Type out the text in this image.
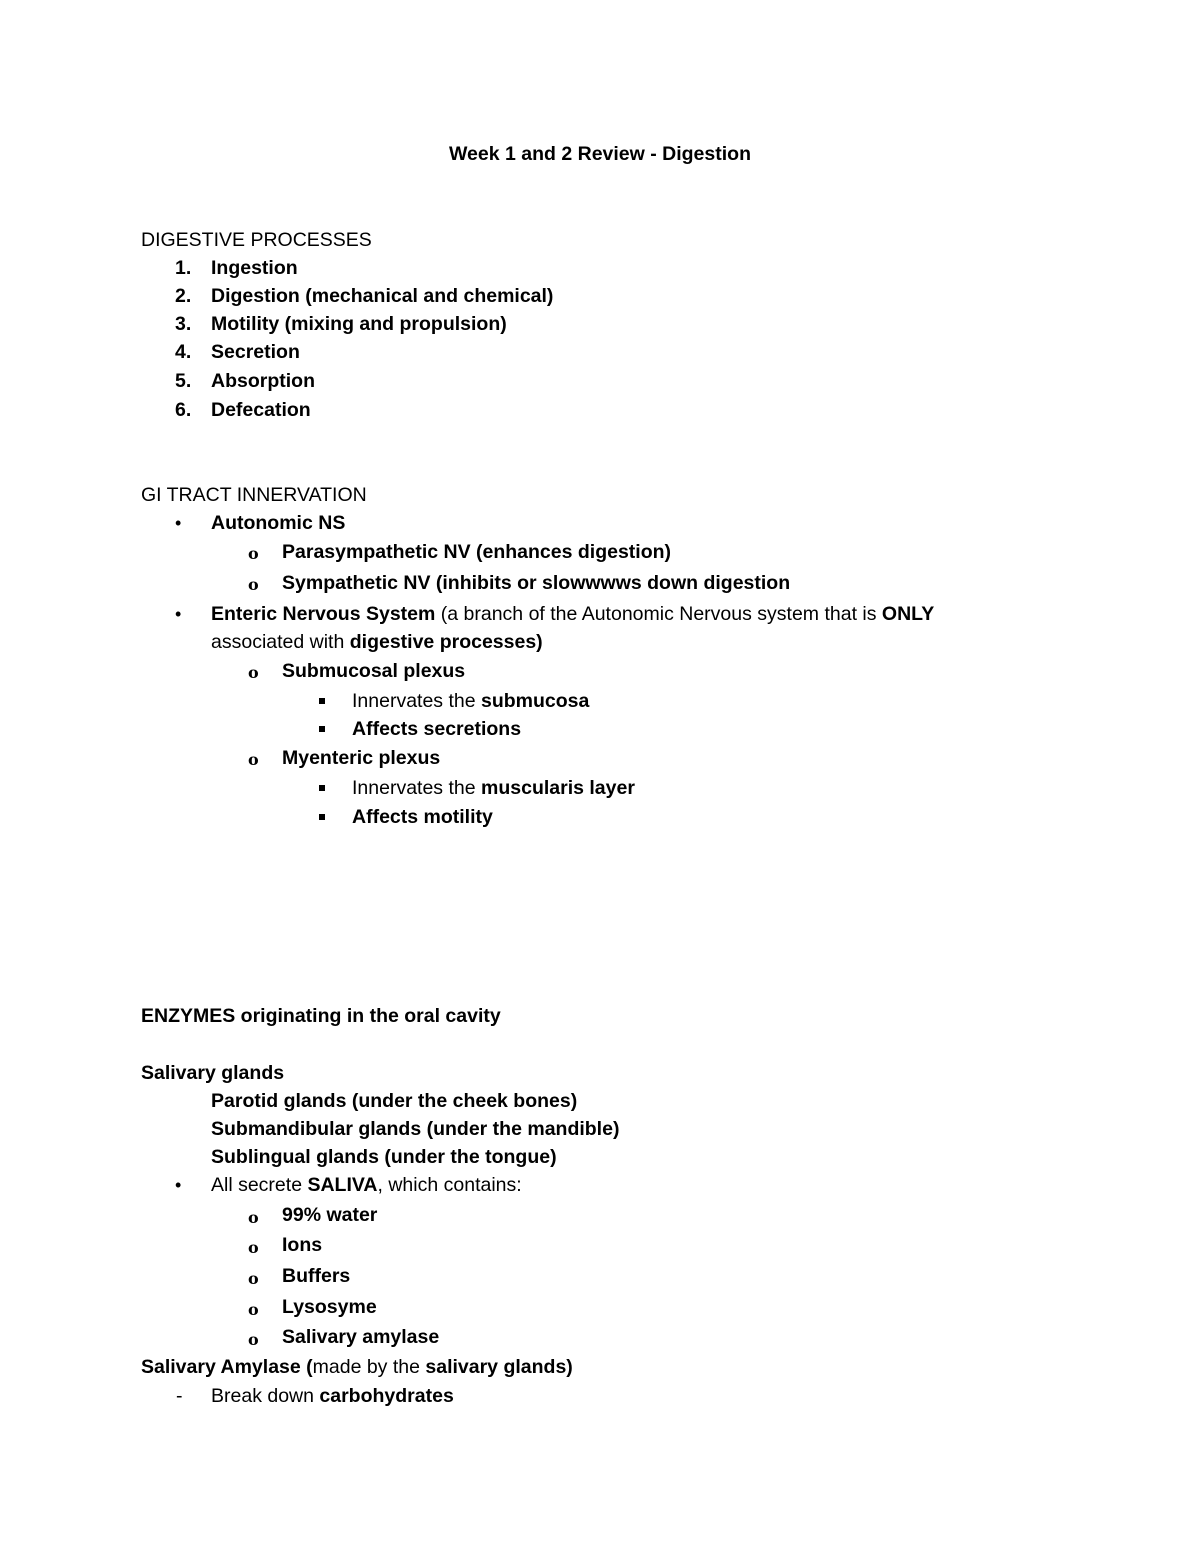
Week 1 and 2 Review - Digestion
DIGESTIVE PROCESSES
1. Ingestion
2. Digestion (mechanical and chemical)
3. Motility (mixing and propulsion)
4. Secretion
5. Absorption
6. Defecation
GI TRACT INNERVATION
• Autonomic NS
o Parasympathetic NV (enhances digestion)
o Sympathetic NV (inhibits or slowwwws down digestion
• Enteric Nervous System (a branch of the Autonomic Nervous system that is ONLY
associated with digestive processes)
o Submucosal plexus
Innervates the submucosa
Affects secretions
o Myenteric plexus
Innervates the muscularis layer
Affects motility
ENZYMES originating in the oral cavity
Salivary glands
Parotid glands (under the cheek bones)
Submandibular glands (under the mandible)
Sublingual glands (under the tongue)
• All secrete SALIVA, which contains:
o 99% water
o Ions
o Buffers
o Lysosyme
o Salivary amylase
Salivary Amylase (made by the salivary glands)
- Break down carbohydrates
